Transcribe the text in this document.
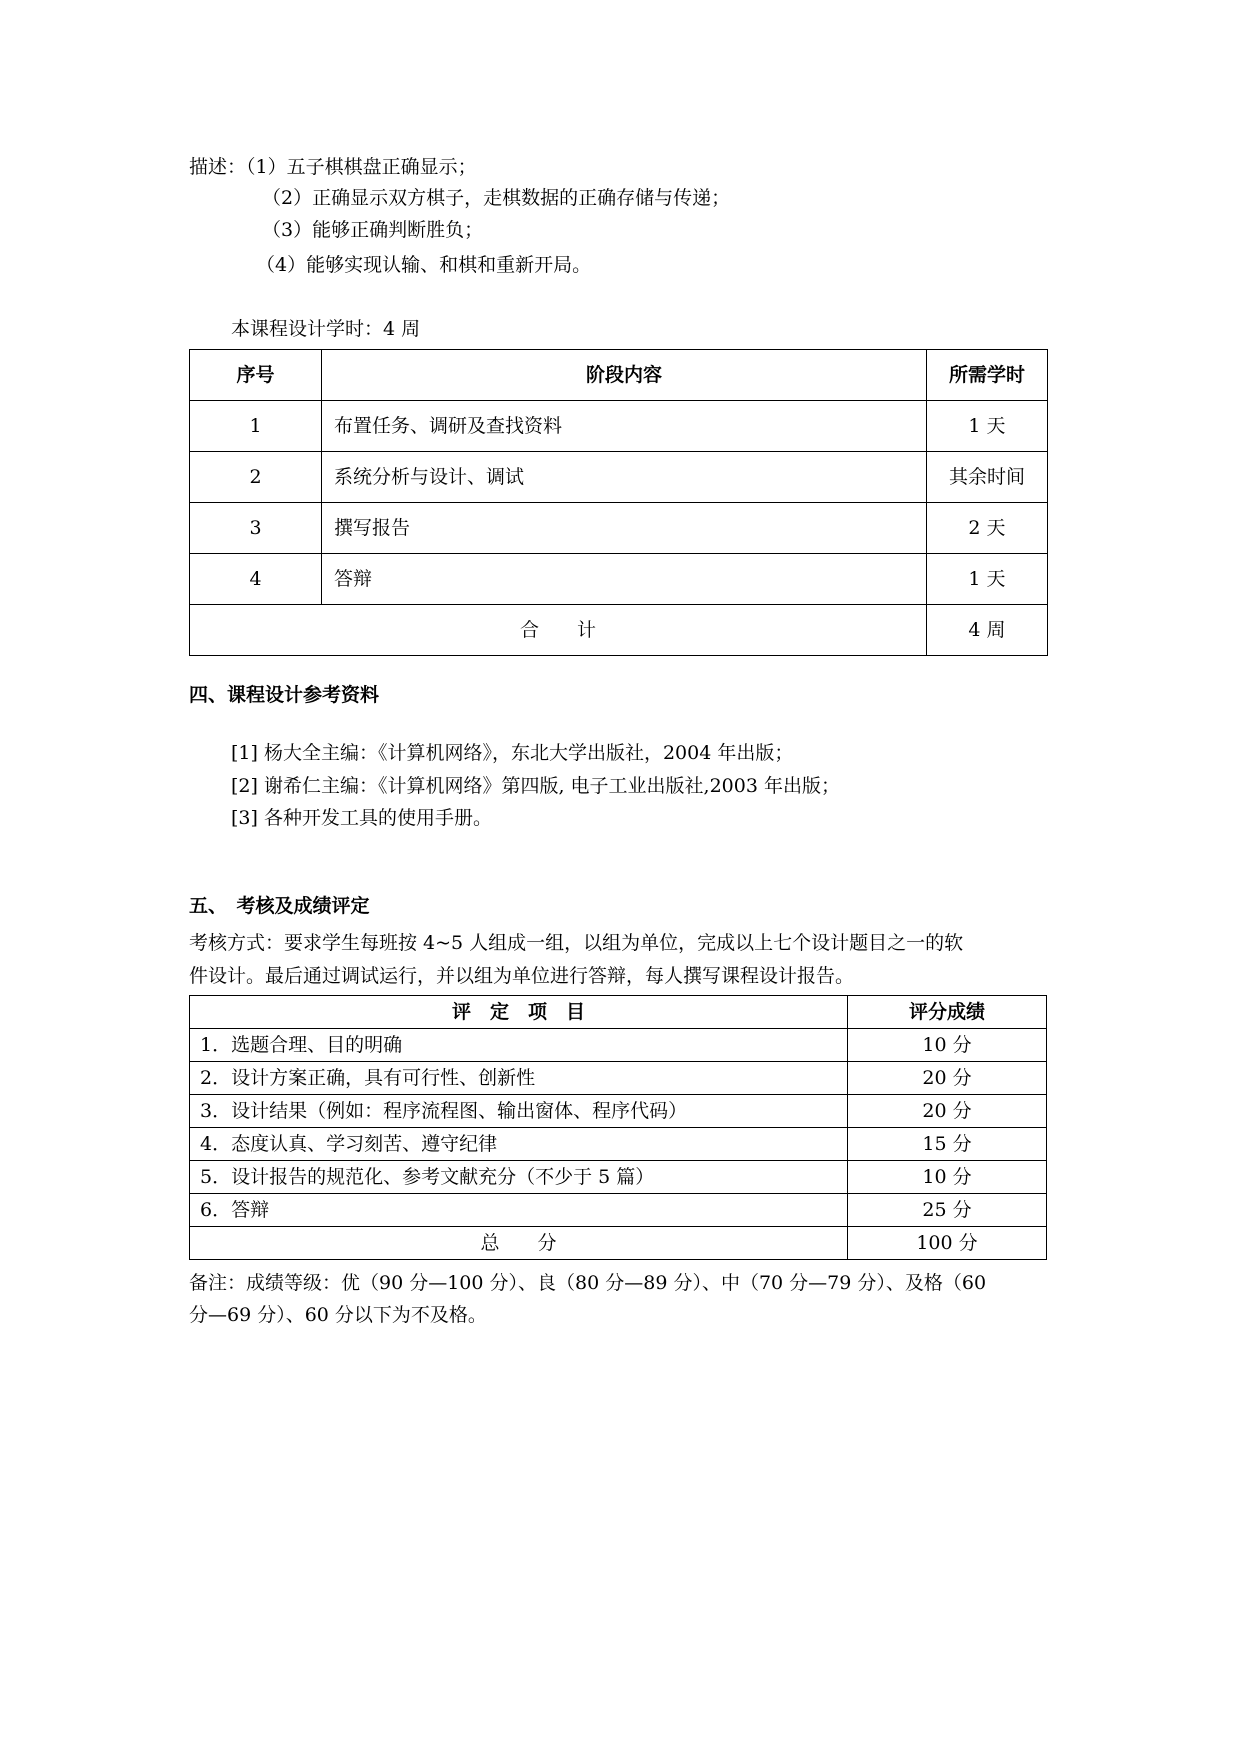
描述：（1）五子棋棋盘正确显示；
（2）正确显示双方棋子，走棋数据的正确存储与传递；
（3）能够正确判断胜负；
（4）能够实现认输、和棋和重新开局。
本课程设计学时：4 周
序号	阶段内容	所需学时
1	布置任务、调研及查找资料	1 天
2	系统分析与设计、调试	其余时间
3	撰写报告	2 天
4	答辩	1 天
合　　计		4 周
四、课程设计参考资料
[1] 杨大全主编：《计算机网络》，东北大学出版社，2004 年出版；
[2] 谢希仁主编：《计算机网络》第四版, 电子工业出版社,2003 年出版；
[3] 各种开发工具的使用手册。
五、　考核及成绩评定
考核方式：要求学生每班按 4~5 人组成一组，以组为单位，完成以上七个设计题目之一的软
件设计。最后通过调试运行，并以组为单位进行答辩，每人撰写课程设计报告。
评　定　项　目	评分成绩
1．选题合理、目的明确	10 分
2．设计方案正确，具有可行性、创新性	20 分
3．设计结果（例如：程序流程图、输出窗体、程序代码）	20 分
4．态度认真、学习刻苦、遵守纪律	15 分
5．设计报告的规范化、参考文献充分（不少于 5 篇）	10 分
6．答辩	25 分
总　　分	100 分
备注：成绩等级：优（90 分—100 分）、良（80 分—89 分）、中（70 分—79 分）、及格（60
分—69 分）、60 分以下为不及格。
